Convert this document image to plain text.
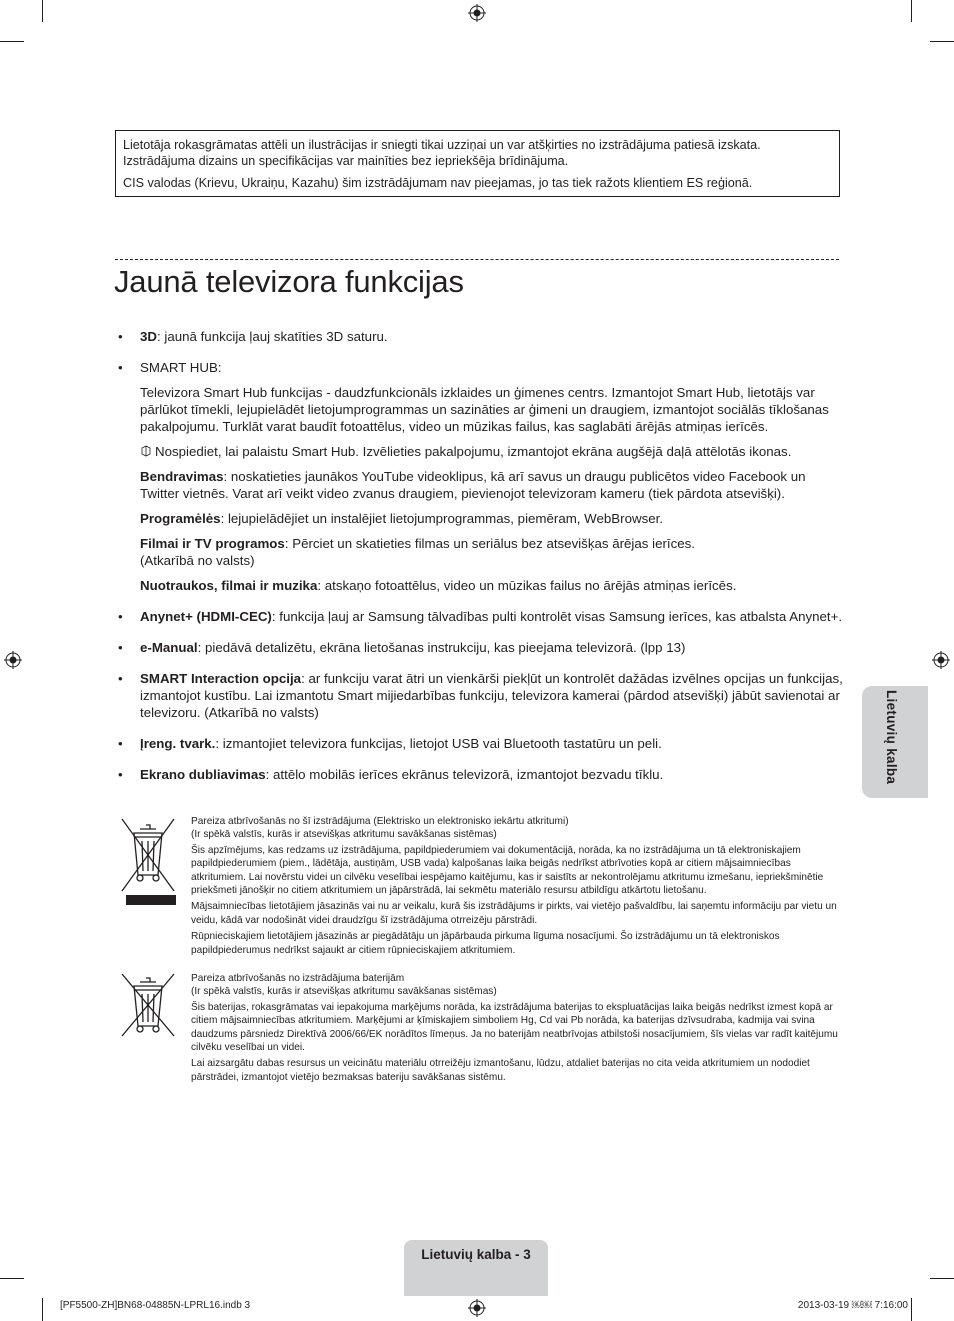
Lietotāja rokasgrāmatas attēli un ilustrācijas ir sniegti tikai uzziņai un var atšķirties no izstrādājuma patiesā izskata. Izstrādājuma dizains un specifikācijas var mainīties bez iepriekšēja brīdinājuma.

CIS valodas (Krievu, Ukraiņu, Kazahu) šim izstrādājumam nav pieejamas, jo tas tiek ražots klientiem ES reģionā.

Jaunā televizora funkcijas
• 3D: jaunā funkcija ļauj skatīties 3D saturu.
• SMART HUB:

Televizora Smart Hub funkcijas - daudzfunkcionāls izklaides un ģimenes centrs. Izmantojot Smart Hub, lietotājs var pārlūkot tīmekli, lejupielādēt lietojumprogrammas un sazināties ar ģimeni un draugiem, izmantojot sociālās tīklošanas pakalpojumu. Turklāt varat baudīt fotoattēlus, video un mūzikas failus, kas saglabāti ārējās atmiņas ierīcēs.

Nospiediet, lai palaistu Smart Hub. Izvēlieties pakalpojumu, izmantojot ekrāna augšējā daļā attēlotās ikonas.

Bendravimas: noskatieties jaunākos YouTube videoklipus, kā arī savus un draugu publicētos video Facebook un Twitter vietnēs. Varat arī veikt video zvanus draugiem, pievienojot televizoram kameru (tiek pārdota atsevišķi).

Programėlės: lejupielādējiet un instalējiet lietojumprogrammas, piemēram, WebBrowser.

Filmai ir TV programos: Pērciet un skatieties filmas un seriālus bez atsevišķas ārējas ierīces.
(Atkarībā no valsts)

Nuotraukos, filmai ir muzika: atskaņo fotoattēlus, video un mūzikas failus no ārējās atmiņas ierīcēs.

• Anynet+ (HDMI-CEC): funkcija ļauj ar Samsung tālvadības pulti kontrolēt visas Samsung ierīces, kas atbalsta Anynet+.
• e-Manual: piedāvā detalizētu, ekrāna lietošanas instrukciju, kas pieejama televizorā. (lpp 13)
• SMART Interaction opcija: ar funkciju varat ātri un vienkārši piekļūt un kontrolēt dažādas izvēlnes opcijas un funkcijas, izmantojot kustību. Lai izmantotu Smart mijiedarbības funkciju, televizora kamerai (pārdod atsevišķi) jābūt savienotai ar televizoru. (Atkarībā no valsts)
• Įreng. tvark.: izmantojiet televizora funkcijas, lietojot USB vai Bluetooth tastatūru un peli.
• Ekrano dubliavimas: attēlo mobilās ierīces ekrānus televizorā, izmantojot bezvadu tīklu.
Pareiza atbrīvošanās no šī izstrādājuma (Elektrisko un elektronisko iekārtu atkritumi)
(Ir spēkā valstīs, kurās ir atsevišķas atkritumu savākšanas sistēmas)

Šis apzīmējums, kas redzams uz izstrādājuma, papildpiederumiem vai dokumentācijā, norāda, ka no izstrādājuma un tā elektroniskajiem papildpiederumiem (piem., lādētāja, austiņām, USB vada) kalpošanas laika beigās nedrīkst atbrīvoties kopā ar citiem mājsaimniecības atkritumiem. Lai novērstu videi un cilvēku veselībai iespējamo kaitējumu, kas ir saistīts ar nekontrolējamu atkritumu izmešanu, iepriekšminētie priekšmeti jānošķir no citiem atkritumiem un jāpārstrādā, lai sekmētu materiālo resursu atbildīgu atkārtotu lietošanu.

Mājsaimniecības lietotājiem jāsazinās vai nu ar veikalu, kurā šis izstrādājums ir pirkts, vai vietējo pašvaldību, lai saņemtu informāciju par vietu un veidu, kādā var nodošināt videi draudzīgu šī izstrādājuma otrreizēju pārstrādi.

Rūpnieciskajiem lietotājiem jāsazinās ar piegādātāju un jāpārbauda pirkuma līguma nosacījumi. Šo izstrādājumu un tā elektroniskos papildpiederumus nedrīkst sajaukt ar citiem rūpnieciskajiem atkritumiem.

Pareiza atbrīvošanās no izstrādājuma baterijām
(Ir spēkā valstīs, kurās ir atsevišķas atkritumu savākšanas sistēmas)

Šis baterijas, rokasgrāmatas vai iepakojuma marķējums norāda, ka izstrādājuma baterijas to ekspluatācijas laika beigās nedrīkst izmest kopā ar citiem mājsaimniecības atkritumiem. Marķējumi ar ķīmiskajiem simboliem Hg, Cd vai Pb norāda, ka baterijas dzīvsudraba, kadmija vai svina daudzums pārsniedz Direktīvā 2006/66/EK norādītos līmeņus. Ja no baterijām neatbrīvojas atbilstoši nosacījumiem, šīs vielas var radīt kaitējumu cilvēku veselībai un videi.

Lai aizsargātu dabas resursus un veicinātu materiālu otrreižēju izmantošanu, lūdzu, atdaliet baterijas no cita veida atkritumiem un nododiet pārstrādei, izmantojot vietējo bezmaksas bateriju savākšanas sistēmu.

Lietuvių kalba
Lietuvių kalba - 3
[PF5500-ZH]BN68-04885N-LPRL16.indb 3	2013-03-19 ￼￼ 7:16:00
